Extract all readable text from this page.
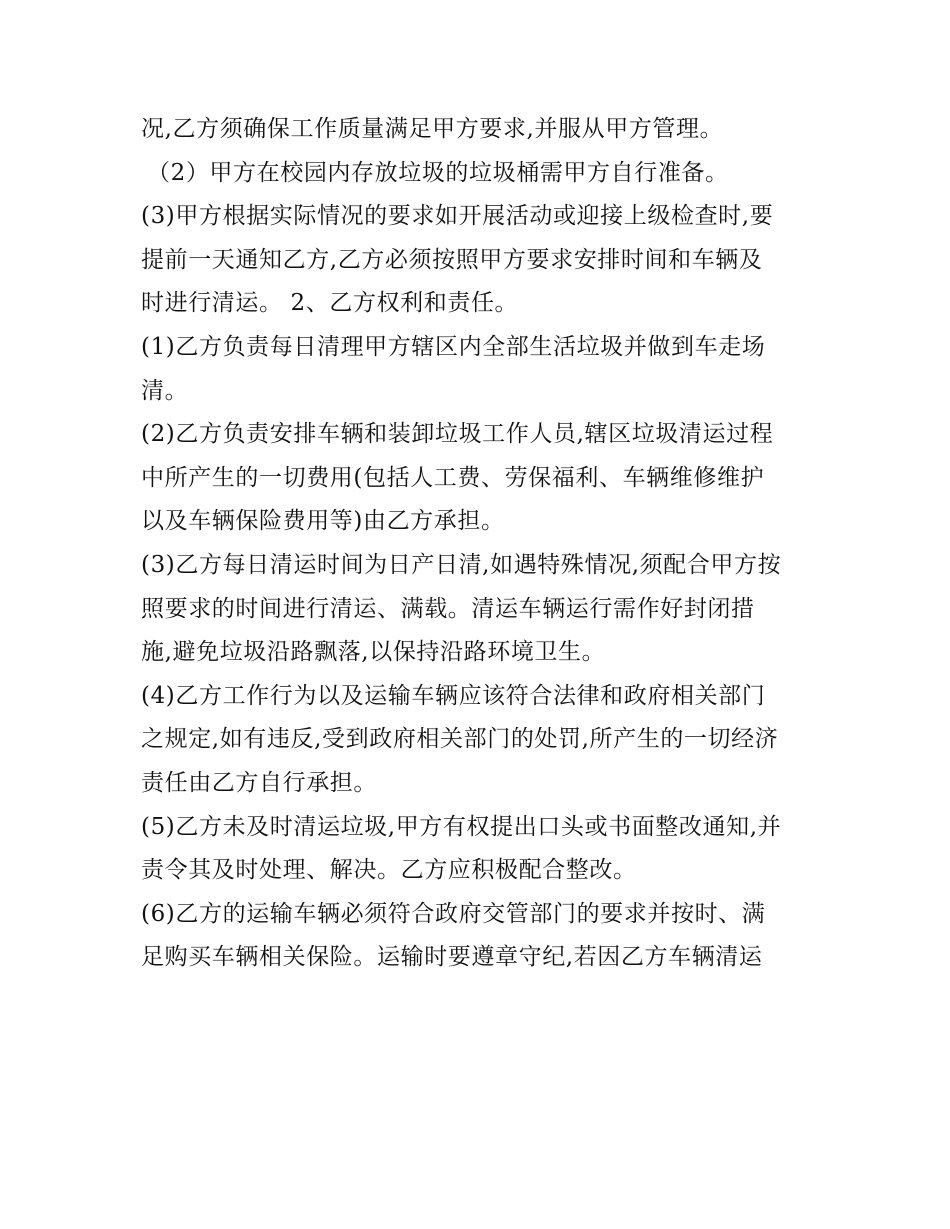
况,乙方须确保工作质量满足甲方要求,并服从甲方管理。
（2）甲方在校园内存放垃圾的垃圾桶需甲方自行准备。
(3)甲方根据实际情况的要求如开展活动或迎接上级检查时,要
提前一天通知乙方,乙方必须按照甲方要求安排时间和车辆及
时进行清运。 2、乙方权利和责任。
(1)乙方负责每日清理甲方辖区内全部生活垃圾并做到车走场
清。
(2)乙方负责安排车辆和装卸垃圾工作人员,辖区垃圾清运过程
中所产生的一切费用(包括人工费、劳保福利、车辆维修维护
以及车辆保险费用等)由乙方承担。
(3)乙方每日清运时间为日产日清,如遇特殊情况,须配合甲方按
照要求的时间进行清运、满载。清运车辆运行需作好封闭措
施,避免垃圾沿路飘落,以保持沿路环境卫生。
(4)乙方工作行为以及运输车辆应该符合法律和政府相关部门
之规定,如有违反,受到政府相关部门的处罚,所产生的一切经济
责任由乙方自行承担。
(5)乙方未及时清运垃圾,甲方有权提出口头或书面整改通知,并
责令其及时处理、解决。乙方应积极配合整改。
(6)乙方的运输车辆必须符合政府交管部门的要求并按时、满
足购买车辆相关保险。运输时要遵章守纪,若因乙方车辆清运
